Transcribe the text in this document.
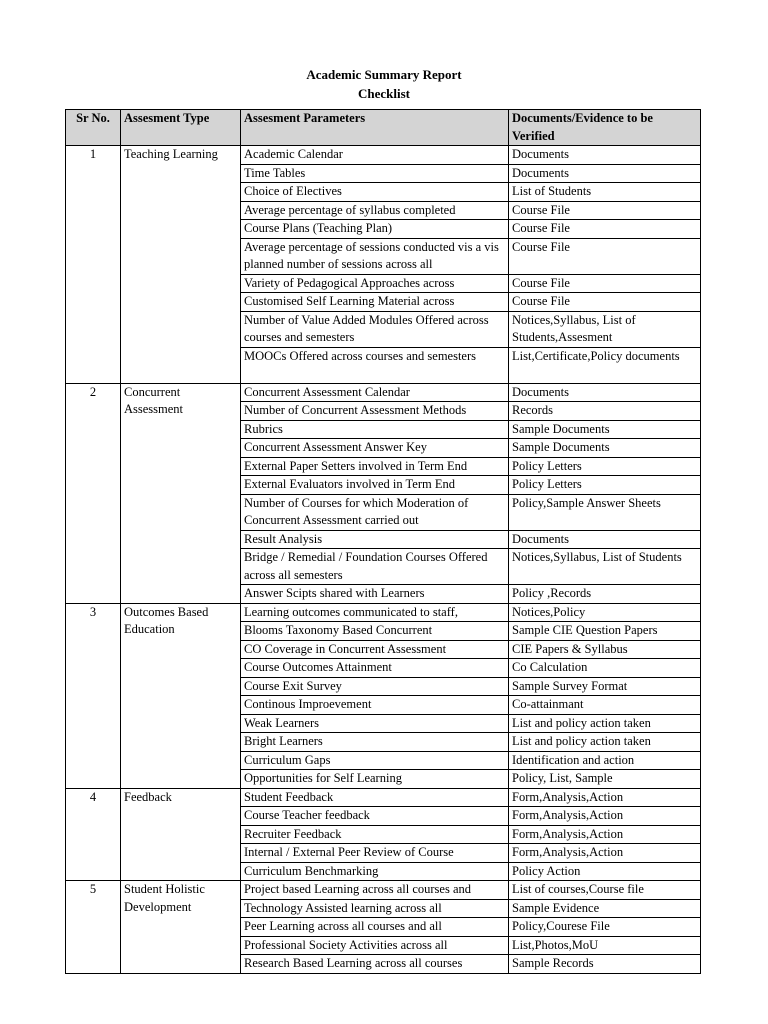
Academic Summary Report
Checklist
Sr No.	Assesment Type	Assesment Parameters	Documents/Evidence to be Verified
1	Teaching Learning	Academic Calendar	Documents
		Time Tables	Documents
		Choice of Electives	List of Students
		Average percentage of syllabus completed	Course File
		Course Plans (Teaching Plan)	Course File
		Average percentage of sessions conducted vis a vis planned number of sessions across all	Course File
		Variety of Pedagogical Approaches across	Course File
		Customised Self Learning Material across	Course File
		Number of Value Added Modules Offered across courses and semesters	Notices,Syllabus, List of Students,Assesment
		MOOCs Offered across courses and semesters	List,Certificate,Policy documents
2	Concurrent Assessment	Concurrent Assessment Calendar	Documents
		Number of Concurrent Assessment Methods	Records
		Rubrics	Sample Documents
		Concurrent Assessment Answer Key	Sample Documents
		External Paper Setters involved in Term End	Policy Letters
		External Evaluators involved in Term End	Policy Letters
		Number of Courses for which Moderation of Concurrent Assessment carried out	Policy,Sample Answer Sheets
		Result Analysis	Documents
		Bridge / Remedial / Foundation Courses Offered across all semesters	Notices,Syllabus, List of Students
		Answer Scipts shared with Learners	Policy ,Records
3	Outcomes Based Education	Learning outcomes communicated to staff,	Notices,Policy
		Blooms Taxonomy Based Concurrent	Sample CIE Question Papers
		CO Coverage in Concurrent Assessment	CIE Papers & Syllabus
		Course Outcomes Attainment	Co Calculation
		Course Exit Survey	Sample Survey Format
		Continous Improevement	Co-attainmant
		Weak Learners	List and policy action taken
		Bright Learners	List and policy action taken
		Curriculum Gaps	Identification and action
		Opportunities for Self Learning	Policy, List, Sample
4	Feedback	Student Feedback	Form,Analysis,Action
		Course Teacher feedback	Form,Analysis,Action
		Recruiter Feedback	Form,Analysis,Action
		Internal / External Peer Review of Course	Form,Analysis,Action
		Curriculum Benchmarking	Policy Action
5	Student Holistic Development	Project based Learning across all courses and	List of courses,Course file
		Technology Assisted learning across all	Sample Evidence
		Peer Learning across all courses and all	Policy,Courese File
		Professional Society Activities across all	List,Photos,MoU
		Research Based Learning across all courses	Sample Records
